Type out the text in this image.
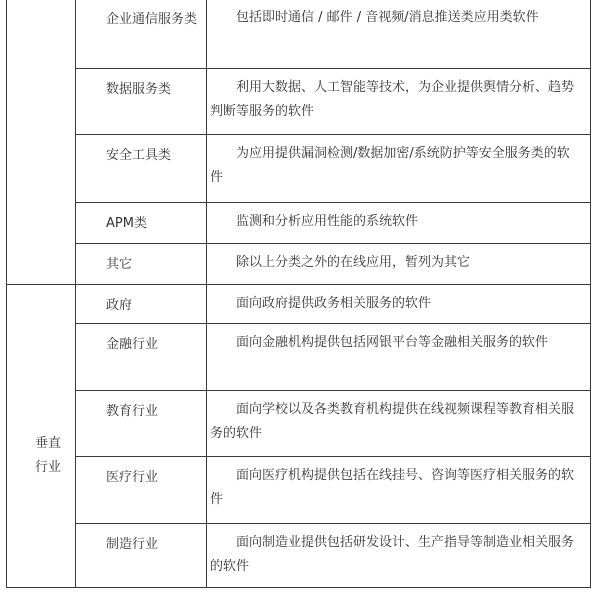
	企业通信服务类	包括即时通信 / 邮件 / 音视频/消息推送类应用类软件

	数据服务类	利用大数据、人工智能等技术，为企业提供舆情分析、趋势判断等服务的软件

	安全工具类	为应用提供漏洞检测/数据加密/系统防护等安全服务类的软件

	APM类	监测和分析应用性能的系统软件

	其它	除以上分类之外的在线应用，暂列为其它

垂直行业	政府	面向政府提供政务相关服务的软件

	金融行业	面向金融机构提供包括网银平台等金融相关服务的软件

	教育行业	面向学校以及各类教育机构提供在线视频课程等教育相关服务的软件

	医疗行业	面向医疗机构提供包括在线挂号、咨询等医疗相关服务的软件

	制造行业	面向制造业提供包括研发设计、生产指导等制造业相关服务的软件
